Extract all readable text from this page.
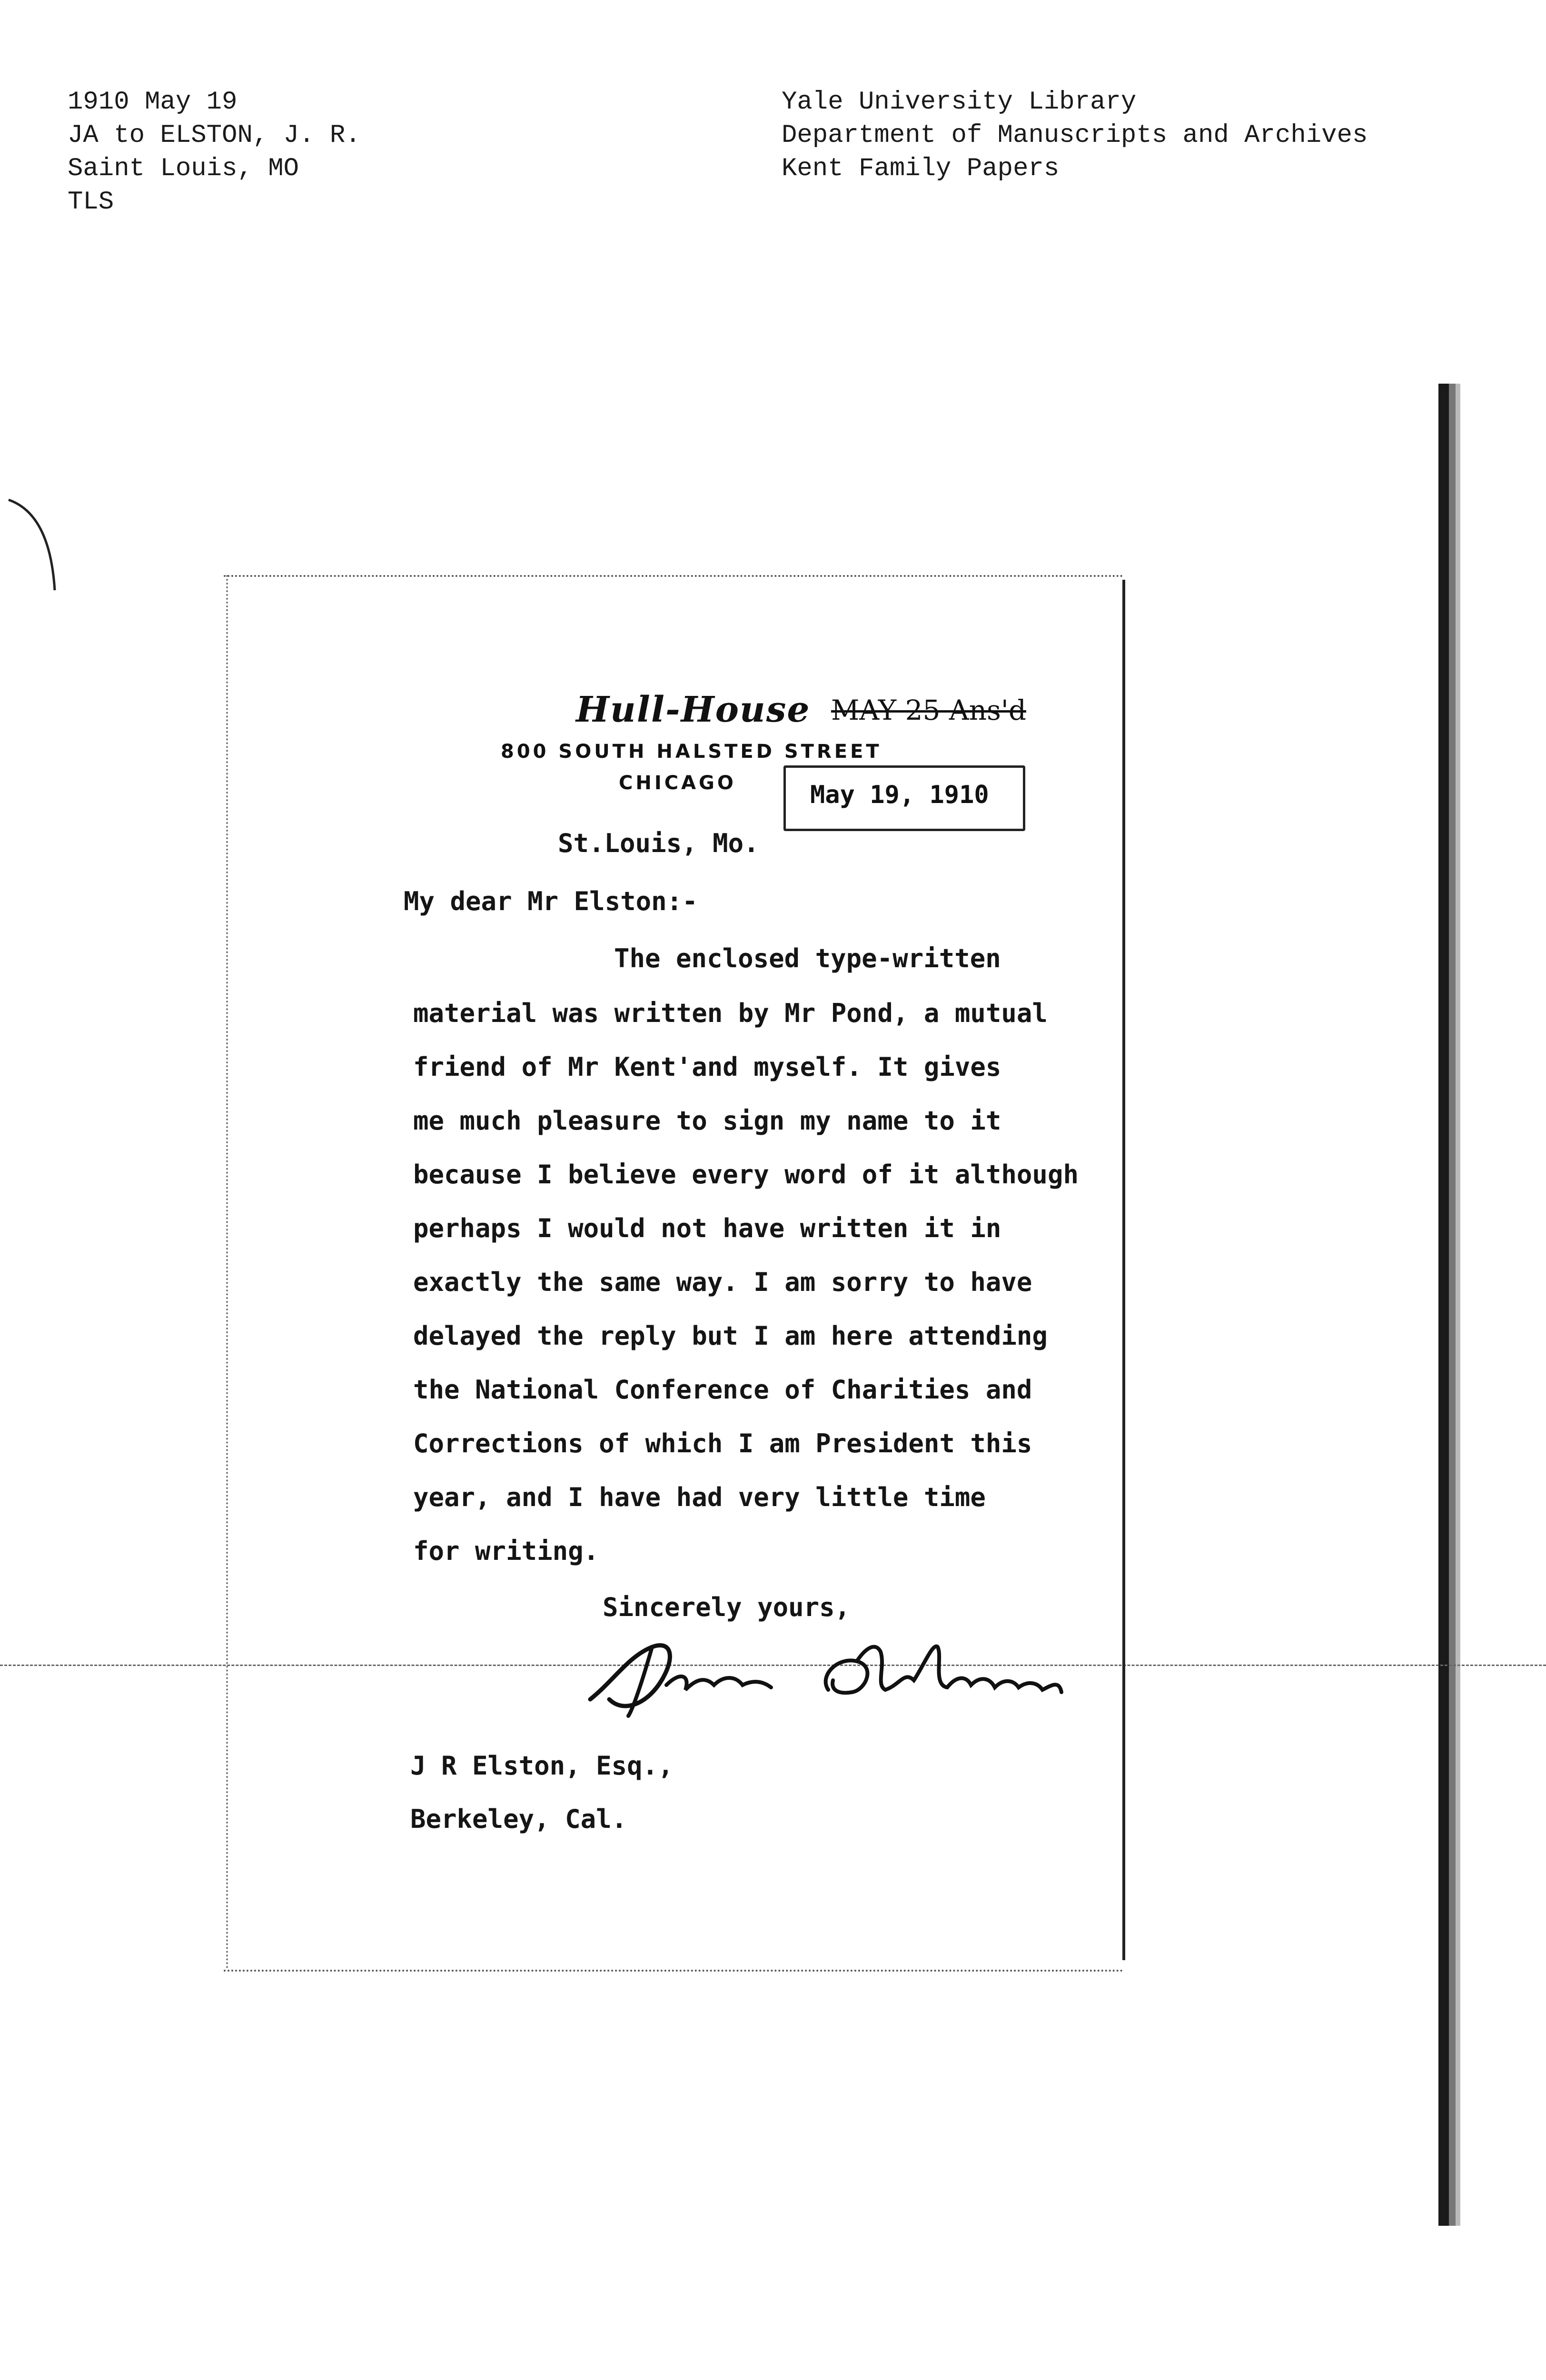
1910 May 19
JA to ELSTON, J. R.
Saint Louis, MO
TLS
Yale University Library
Department of Manuscripts and Archives
Kent Family Papers
Hull-House MAY 25 Ans'd
800 SOUTH HALSTED STREET
CHICAGO	May 19, 1910
St.Louis, Mo.
My dear Mr Elston:-
The enclosed type-written
material was written by Mr Pond, a mutual
friend of Mr Kent'and myself. It gives
me much pleasure to sign my name to it
because I believe every word of it although
perhaps I would not have written it in
exactly the same way. I am sorry to have
delayed the reply but I am here attending
the National Conference of Charities and
Corrections of which I am President this
year, and I have had very little time
for writing.
Sincerely yours,
J R Elston, Esq.,
Berkeley, Cal.
